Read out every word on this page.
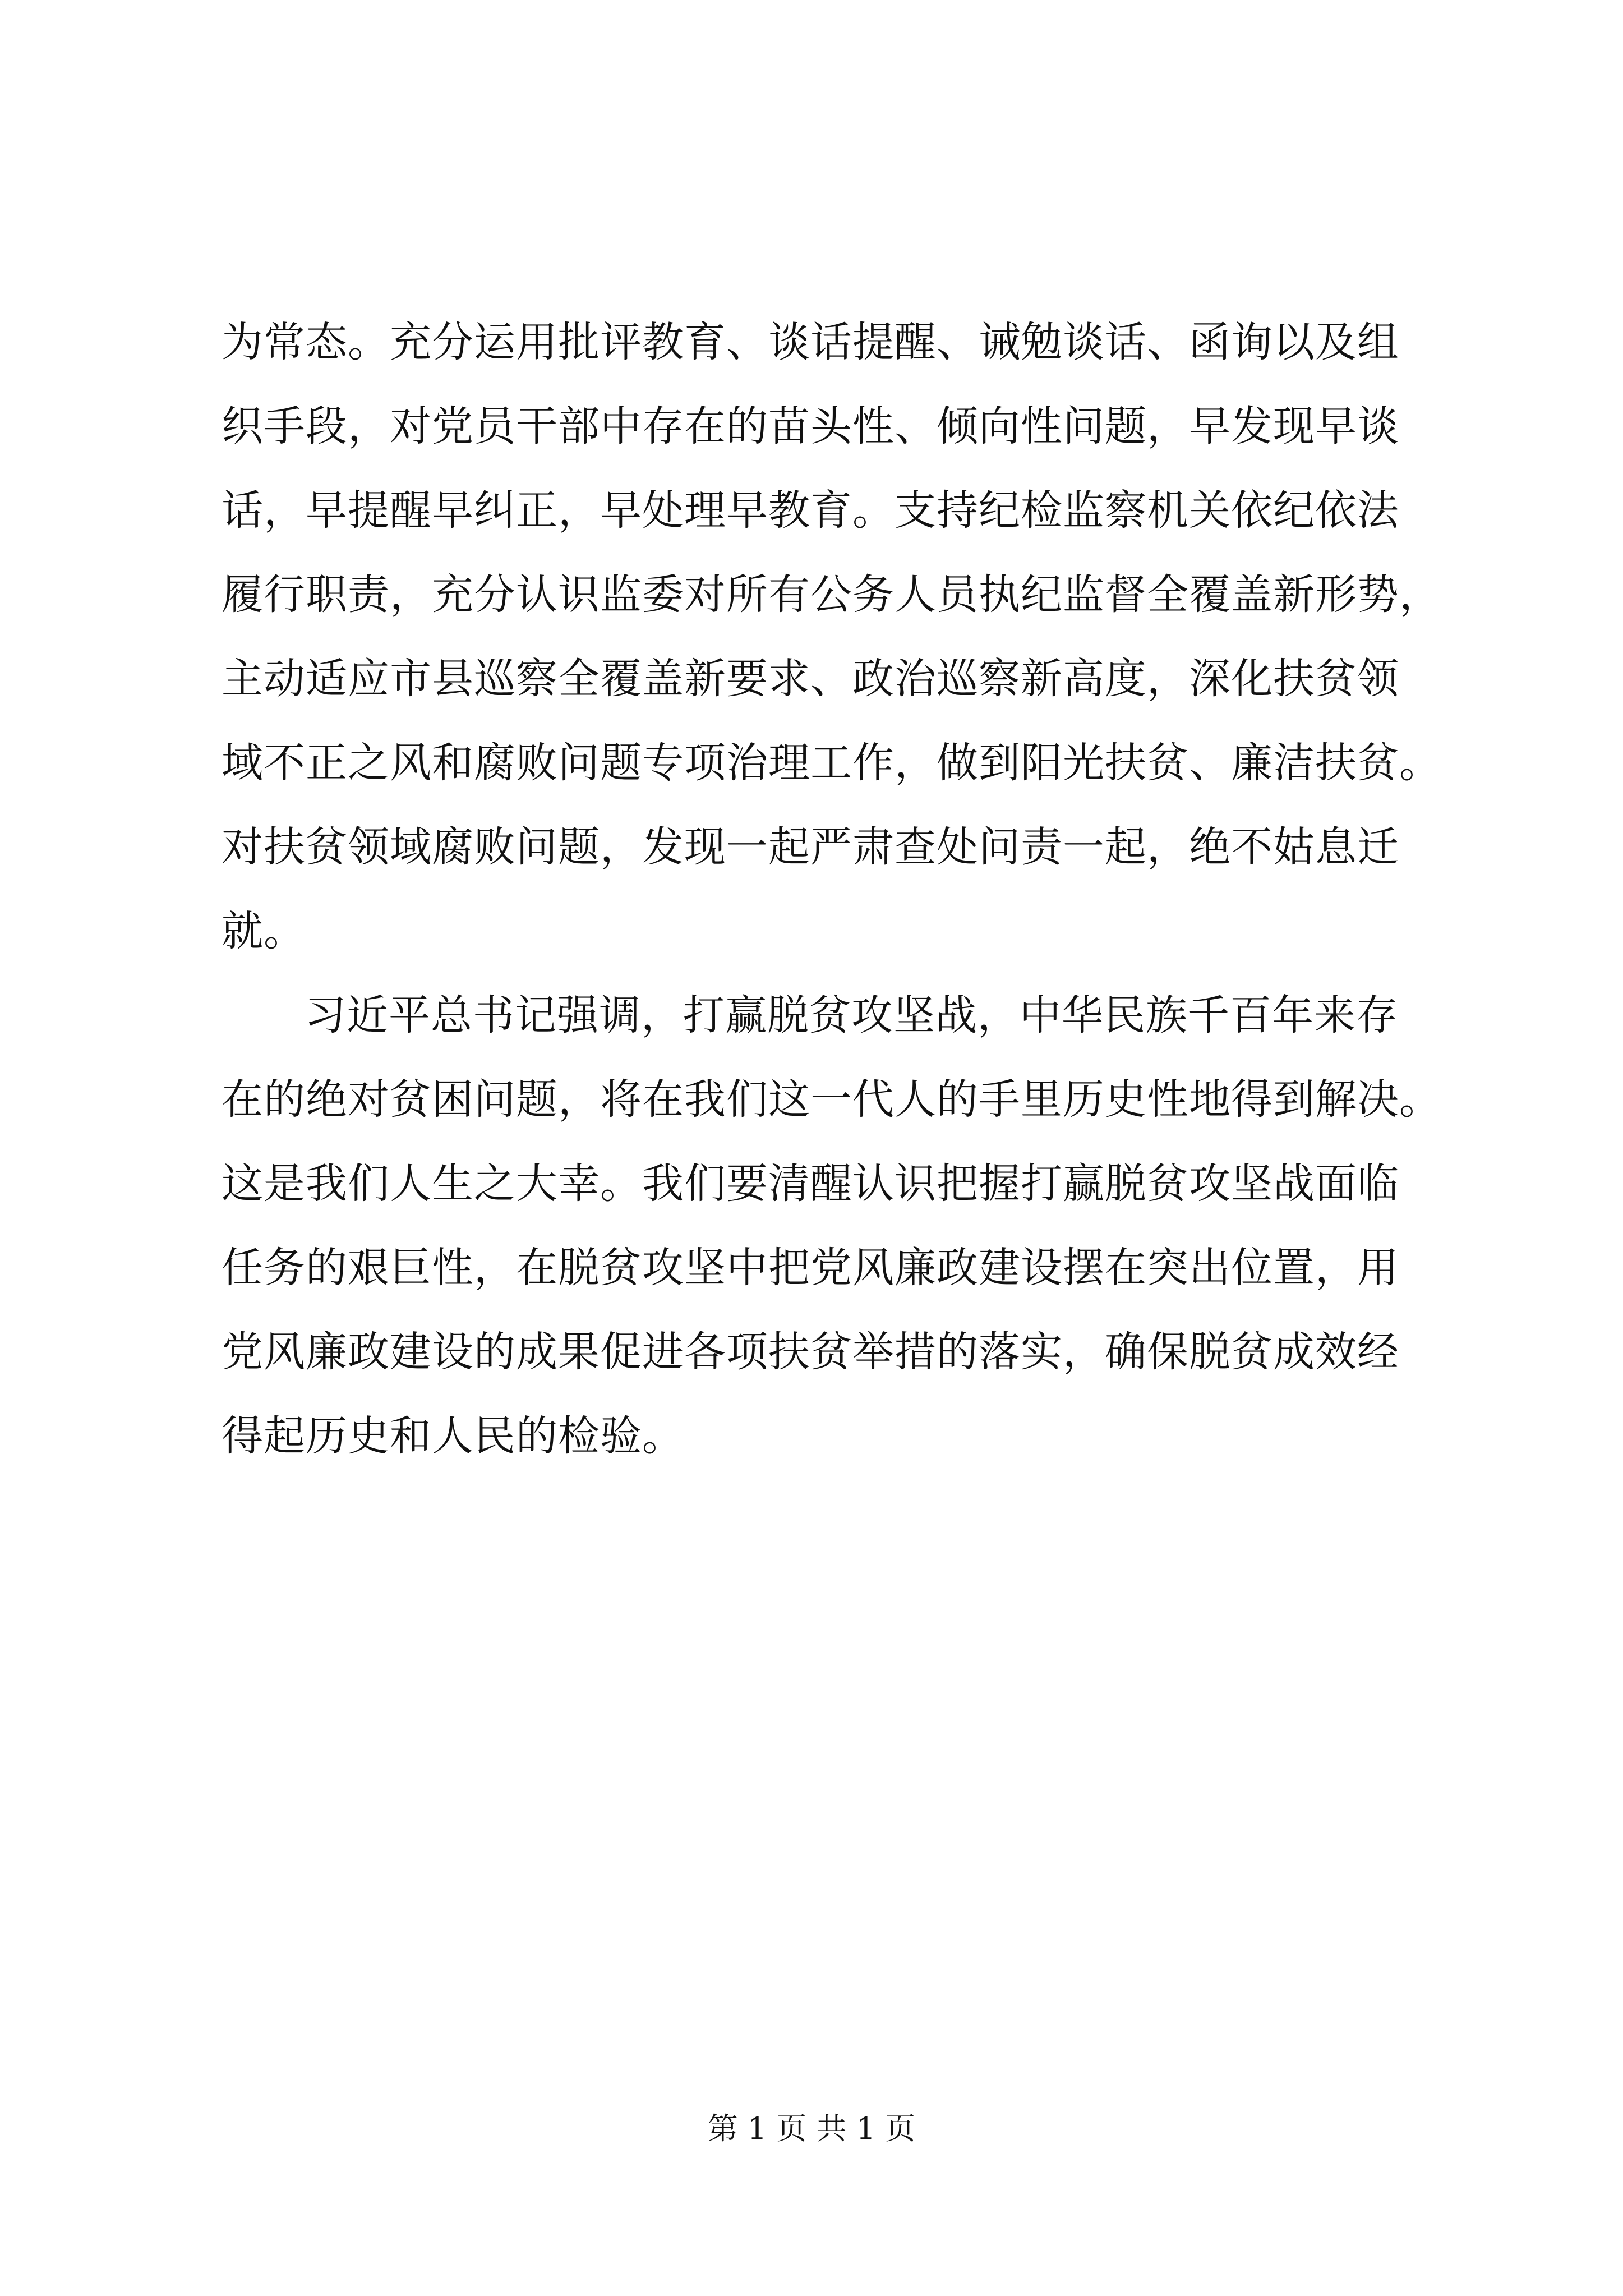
为常态。充分运用批评教育、谈话提醒、诫勉谈话、函询以及组
织手段，对党员干部中存在的苗头性、倾向性问题，早发现早谈
话，早提醒早纠正，早处理早教育。支持纪检监察机关依纪依法
履行职责，充分认识监委对所有公务人员执纪监督全覆盖新形势，
主动适应市县巡察全覆盖新要求、政治巡察新高度，深化扶贫领
域不正之风和腐败问题专项治理工作，做到阳光扶贫、廉洁扶贫。
对扶贫领域腐败问题，发现一起严肃查处问责一起，绝不姑息迁
就。
习近平总书记强调，打赢脱贫攻坚战，中华民族千百年来存
在的绝对贫困问题，将在我们这一代人的手里历史性地得到解决。
这是我们人生之大幸。我们要清醒认识把握打赢脱贫攻坚战面临
任务的艰巨性，在脱贫攻坚中把党风廉政建设摆在突出位置，用
党风廉政建设的成果促进各项扶贫举措的落实，确保脱贫成效经
得起历史和人民的检验。
第 1 页 共 1 页
